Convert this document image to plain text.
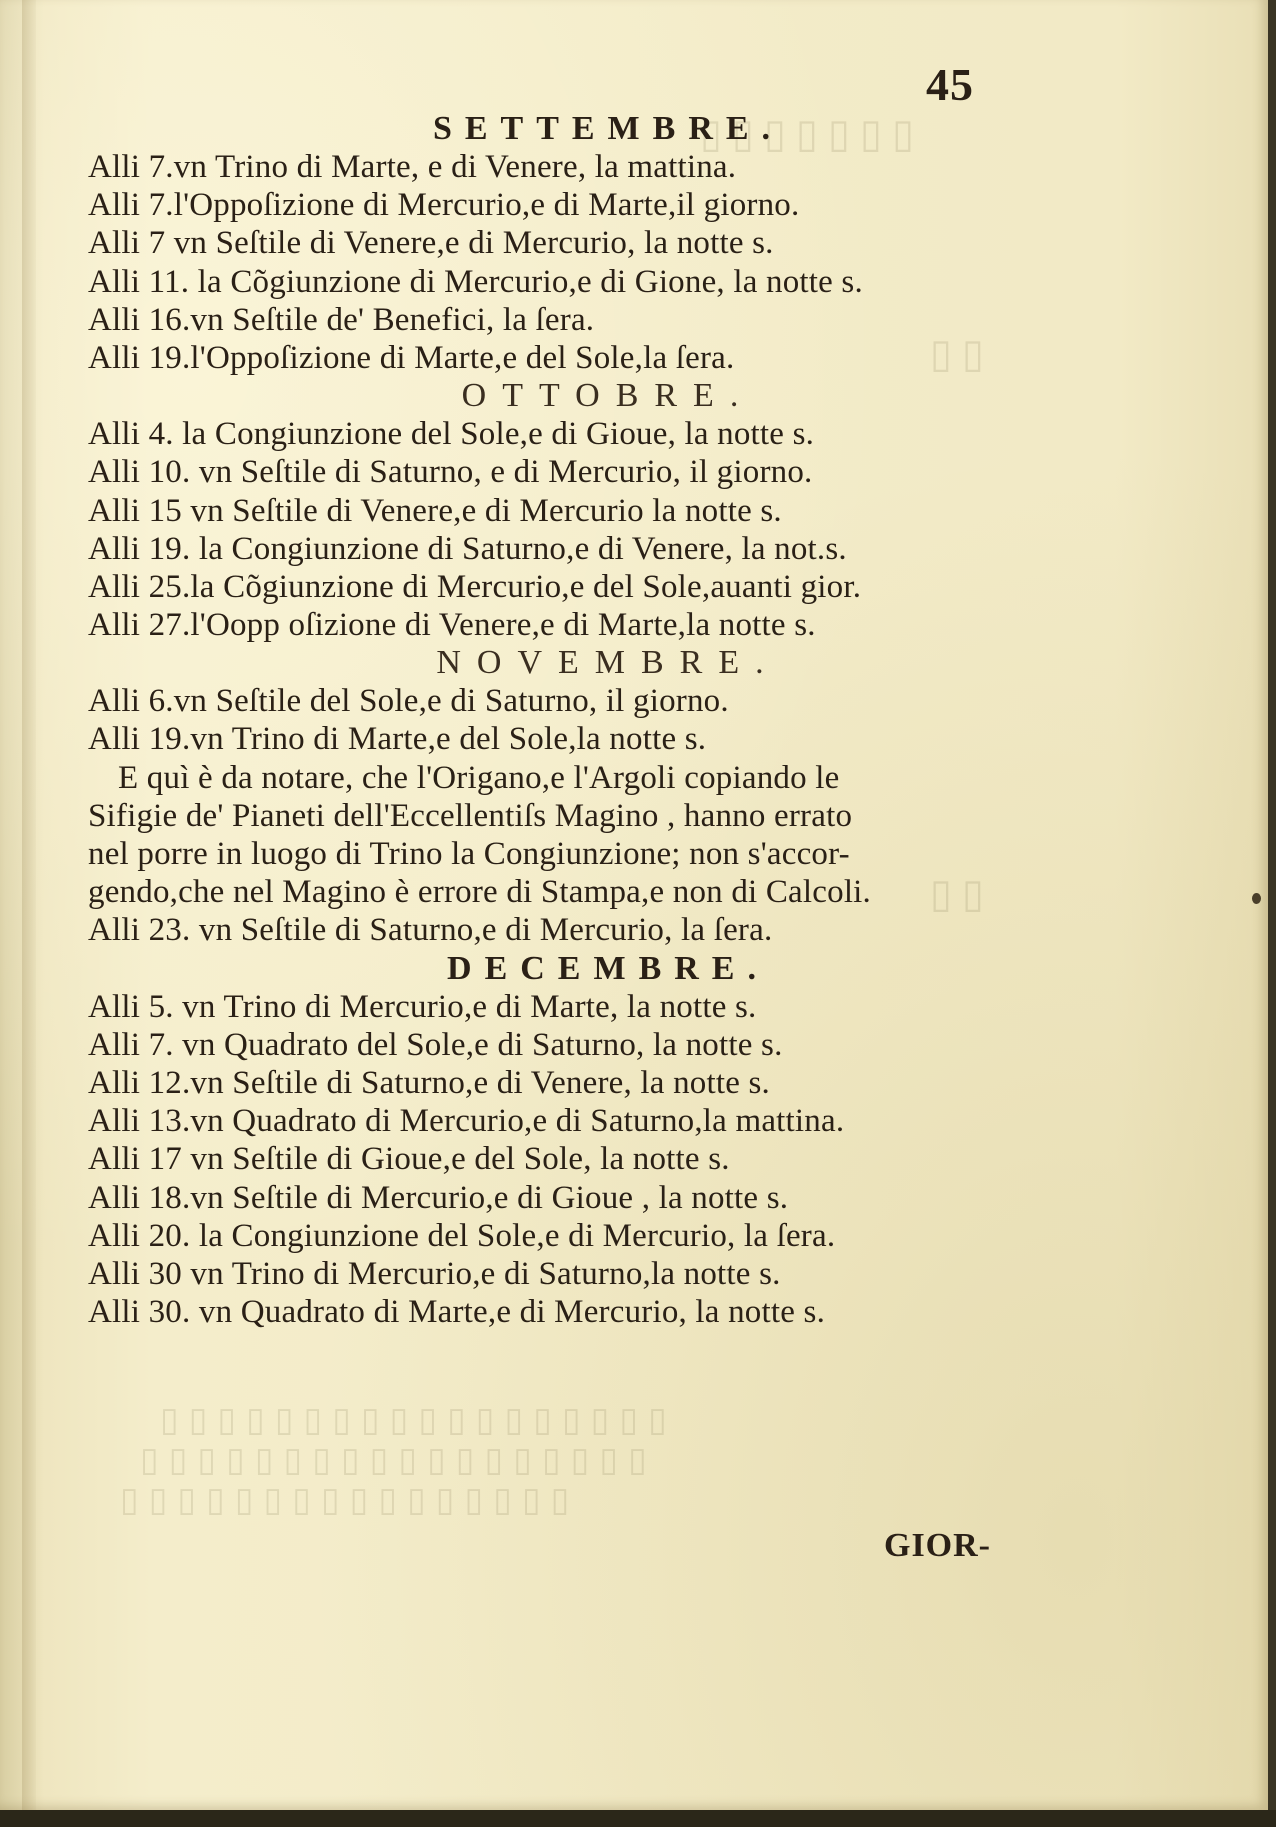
▯▯▯▯▯▯▯
▯▯
▯▯
▯▯▯▯▯▯▯▯▯▯▯▯▯▯▯▯▯▯
▯▯▯▯▯▯▯▯▯▯▯▯▯▯▯▯▯▯
▯▯▯▯▯▯▯▯▯▯▯▯▯▯▯▯
45
SETTEMBRE.
Alli 7.vn Trino di Marte, e di Venere, la mattina.
Alli 7.l'Oppoſizione di Mercurio,e di Marte,il giorno.
Alli 7 vn Seſtile di Venere,e di Mercurio, la notte s.
Alli 11. la Cõgiunzione di Mercurio,e di Gione, la notte s.
Alli 16.vn Seſtile de' Benefici, la ſera.
Alli 19.l'Oppoſizione di Marte,e del Sole,la ſera.
OTTOBRE.
Alli 4. la Congiunzione del Sole,e di Gioue, la notte s.
Alli 10. vn Seſtile di Saturno, e di Mercurio, il giorno.
Alli 15 vn Seſtile di Venere,e di Mercurio la notte s.
Alli 19. la Congiunzione di Saturno,e di Venere, la not.s.
Alli 25.la Cõgiunzione di Mercurio,e del Sole,auanti gior.
Alli 27.l'Oopp oſizione di Venere,e di Marte,la notte s.
NOVEMBRE.
Alli 6.vn Seſtile del Sole,e di Saturno, il giorno.
Alli 19.vn Trino di Marte,e del Sole,la notte s.
E quì è da notare, che l'Origano,e l'Argoli copiando le
Sifigie de' Pianeti dell'Eccellentiſs Magino , hanno errato
nel porre in luogo di Trino la Congiunzione; non s'accor-
gendo,che nel Magino è errore di Stampa,e non di Calcoli.
Alli 23. vn Seſtile di Saturno,e di Mercurio, la ſera.
DECEMBRE.
Alli 5. vn Trino di Mercurio,e di Marte, la notte s.
Alli 7. vn Quadrato del Sole,e di Saturno, la notte s.
Alli 12.vn Seſtile di Saturno,e di Venere, la notte s.
Alli 13.vn Quadrato di Mercurio,e di Saturno,la mattina.
Alli 17 vn Seſtile di Gioue,e del Sole, la notte s.
Alli 18.vn Seſtile di Mercurio,e di Gioue , la notte s.
Alli 20. la Congiunzione del Sole,e di Mercurio, la ſera.
Alli 30 vn Trino di Mercurio,e di Saturno,la notte s.
Alli 30. vn Quadrato di Marte,e di Mercurio, la notte s.
GIOR-
